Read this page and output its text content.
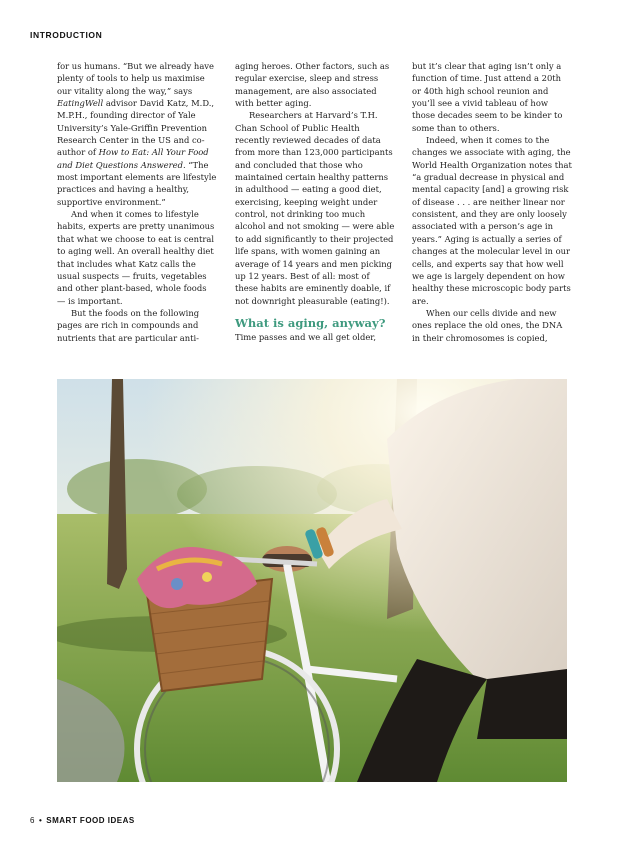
INTRODUCTION

for us humans. “But we already have plenty of tools to help us maximise our vitality along the way,” says EatingWell advisor David Katz, M.D., M.P.H., founding director of Yale University’s Yale-Griffin Prevention Research Center in the US and co-author of How to Eat: All Your Food and Diet Questions Answered. “The most important elements are lifestyle practices and having a healthy, supportive environment.”

And when it comes to lifestyle habits, experts are pretty unanimous that what we choose to eat is central to aging well. An overall healthy diet that includes what Katz calls the usual suspects — fruits, vegetables and other plant-based, whole foods — is important.

But the foods on the following pages are rich in compounds and nutrients that are particular anti-

aging heroes. Other factors, such as regular exercise, sleep and stress management, are also associated with better aging.

Researchers at Harvard’s T.H. Chan School of Public Health recently reviewed decades of data from more than 123,000 participants and concluded that those who maintained certain healthy patterns in adulthood — eating a good diet, exercising, keeping weight under control, not drinking too much alcohol and not smoking — were able to add significantly to their projected life spans, with women gaining an average of 14 years and men picking up 12 years. Best of all: most of these habits are eminently doable, if not downright pleasurable (eating!).

What is aging, anyway?

Time passes and we all get older,

but it’s clear that aging isn’t only a function of time. Just attend a 20th or 40th high school reunion and you’ll see a vivid tableau of how those decades seem to be kinder to some than to others.

Indeed, when it comes to the changes we associate with aging, the World Health Organization notes that “a gradual decrease in physical and mental capacity [and] a growing risk of disease . . . are neither linear nor consistent, and they are only loosely associated with a person’s age in years.” Aging is actually a series of changes at the molecular level in our cells, and experts say that how well we age is largely dependent on how healthy these microscopic body parts are.

When our cells divide and new ones replace the old ones, the DNA in their chromosomes is copied,

6 • SMART FOOD IDEAS
